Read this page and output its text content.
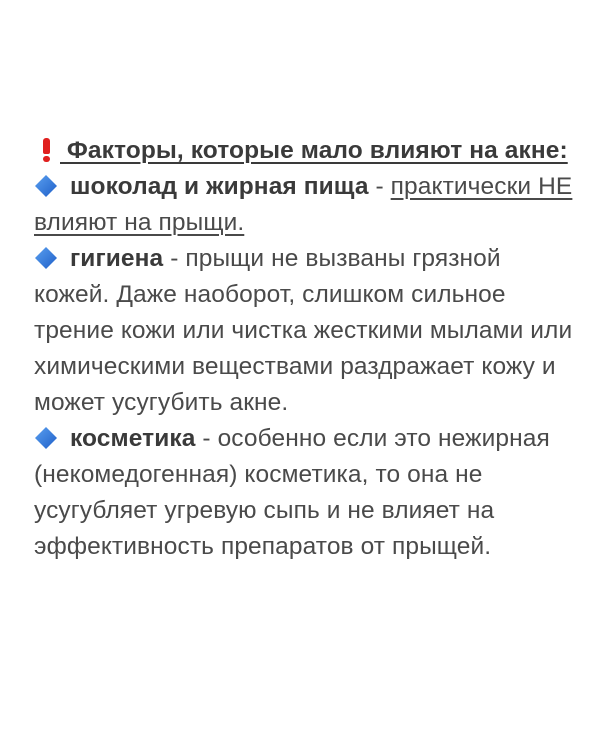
Факторы, которые мало влияют на акне:
шоколад и жирная пища - практически НЕ влияют на прыщи.
гигиена - прыщи не вызваны грязной кожей. Даже наоборот, слишком сильное трение кожи или чистка жесткими мылами или химическими веществами раздражает кожу и может усугубить акне.
косметика - особенно если это нежирная (некомедогенная) косметика, то она не усугубляет угревую сыпь и не влияет на эффективность препаратов от прыщей.
